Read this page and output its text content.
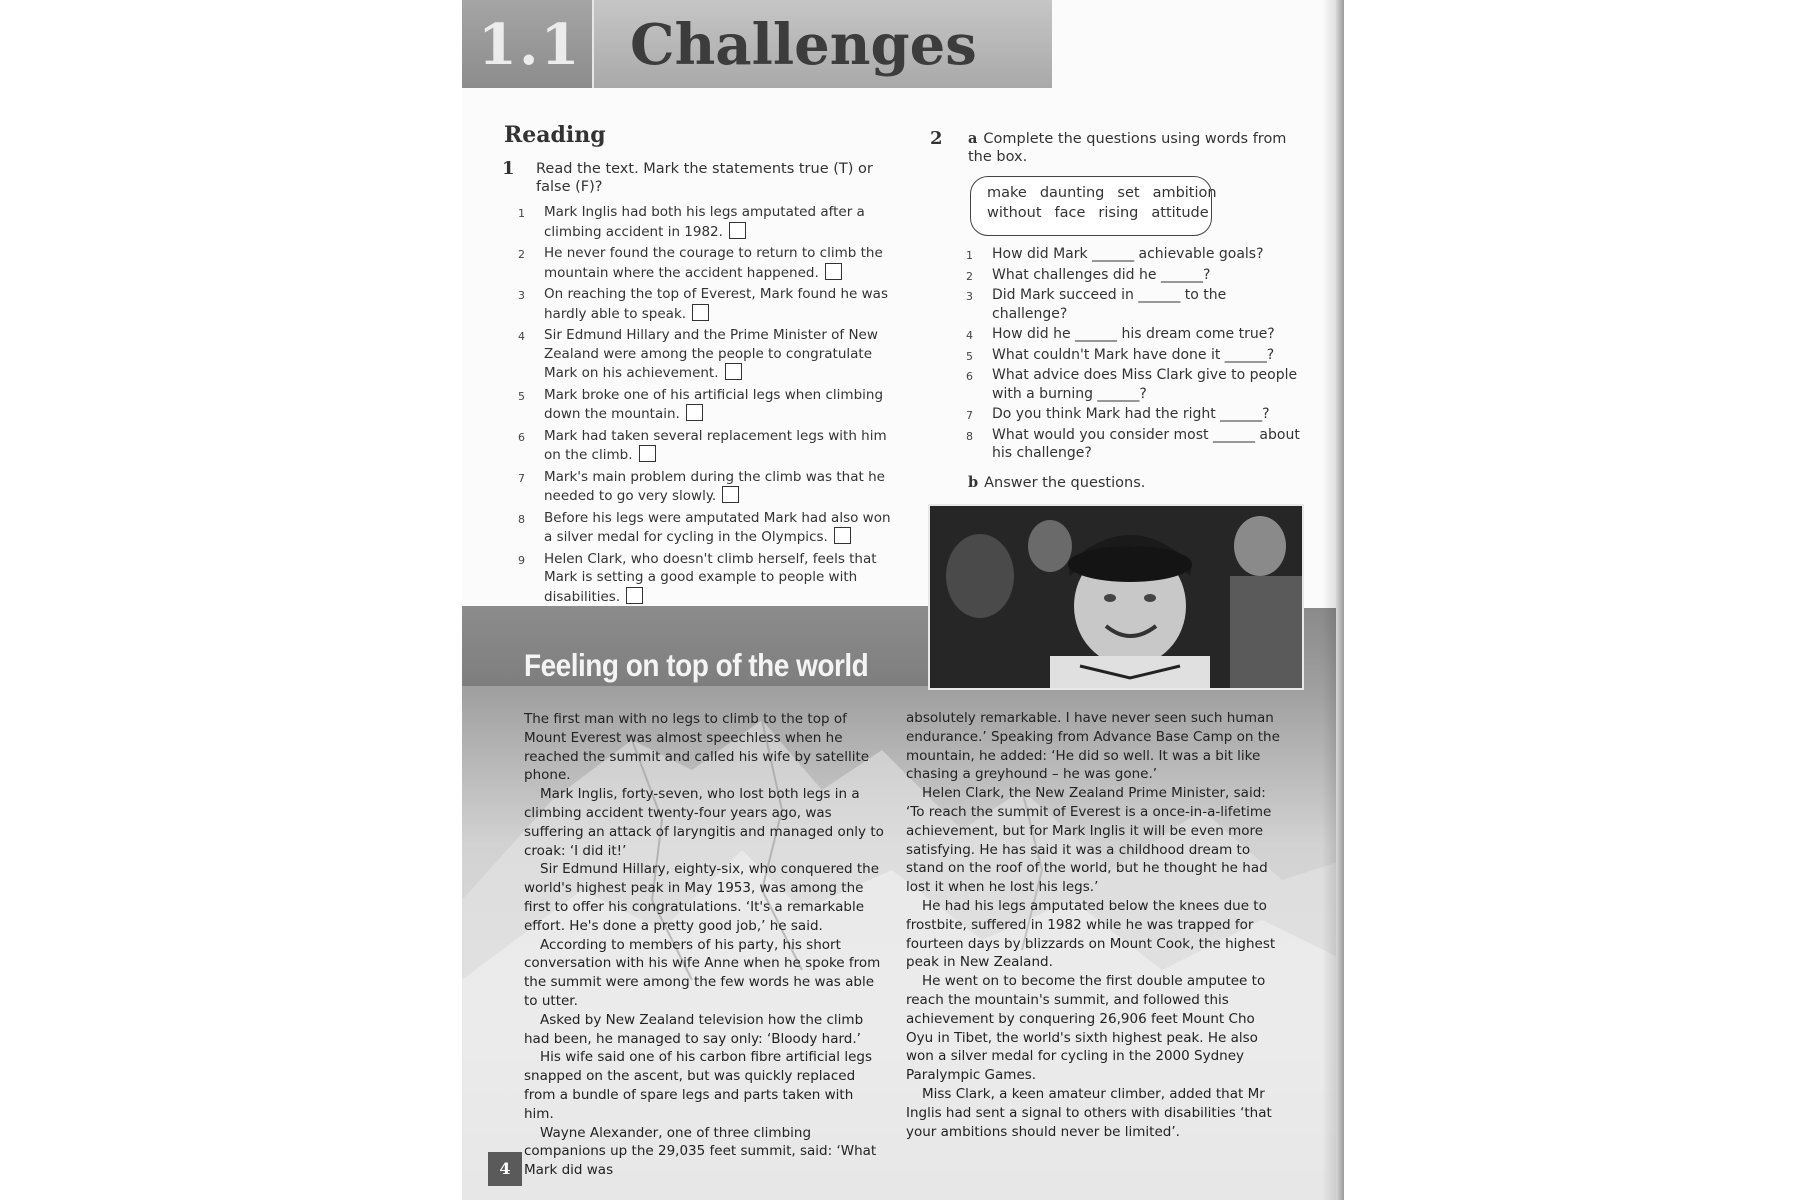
1.1 Challenges
Reading
1 Read the text. Mark the statements true (T) or false (F)?
1 Mark Inglis had both his legs amputated after a climbing accident in 1982.
2 He never found the courage to return to climb the mountain where the accident happened.
3 On reaching the top of Everest, Mark found he was hardly able to speak.
4 Sir Edmund Hillary and the Prime Minister of New Zealand were among the people to congratulate Mark on his achievement.
5 Mark broke one of his artificial legs when climbing down the mountain.
6 Mark had taken several replacement legs with him on the climb.
7 Mark's main problem during the climb was that he needed to go very slowly.
8 Before his legs were amputated Mark had also won a silver medal for cycling in the Olympics.
9 Helen Clark, who doesn't climb herself, feels that Mark is setting a good example to people with disabilities.
2 a Complete the questions using words from the box.
make daunting set ambition
without face rising attitude
1 How did Mark ______ achievable goals?
2 What challenges did he ______?
3 Did Mark succeed in ______ to the challenge?
4 How did he ______ his dream come true?
5 What couldn't Mark have done it ______?
6 What advice does Miss Clark give to people with a burning ______?
7 Do you think Mark had the right ______?
8 What would you consider most ______ about his challenge?
b Answer the questions.
Feeling on top of the world

The first man with no legs to climb to the top of Mount Everest was almost speechless when he reached the summit and called his wife by satellite phone.

Mark Inglis, forty-seven, who lost both legs in a climbing accident twenty-four years ago, was suffering an attack of laryngitis and managed only to croak: ‘I did it!’

Sir Edmund Hillary, eighty-six, who conquered the world's highest peak in May 1953, was among the first to offer his congratulations. ‘It's a remarkable effort. He's done a pretty good job,’ he said.

According to members of his party, his short conversation with his wife Anne when he spoke from the summit were among the few words he was able to utter.

Asked by New Zealand television how the climb had been, he managed to say only: ‘Bloody hard.’

His wife said one of his carbon fibre artificial legs snapped on the ascent, but was quickly replaced from a bundle of spare legs and parts taken with him.

Wayne Alexander, one of three climbing companions up the 29,035 feet summit, said: ‘What Mark did was

absolutely remarkable. I have never seen such human endurance.’ Speaking from Advance Base Camp on the mountain, he added: ‘He did so well. It was a bit like chasing a greyhound – he was gone.’

Helen Clark, the New Zealand Prime Minister, said: ‘To reach the summit of Everest is a once-in-a-lifetime achievement, but for Mark Inglis it will be even more satisfying. He has said it was a childhood dream to stand on the roof of the world, but he thought he had lost it when he lost his legs.’

He had his legs amputated below the knees due to frostbite, suffered in 1982 while he was trapped for fourteen days by blizzards on Mount Cook, the highest peak in New Zealand.

He went on to become the first double amputee to reach the mountain's summit, and followed this achievement by conquering 26,906 feet Mount Cho Oyu in Tibet, the world's sixth highest peak. He also won a silver medal for cycling in the 2000 Sydney Paralympic Games.

Miss Clark, a keen amateur climber, added that Mr Inglis had sent a signal to others with disabilities ‘that your ambitions should never be limited’.

4
